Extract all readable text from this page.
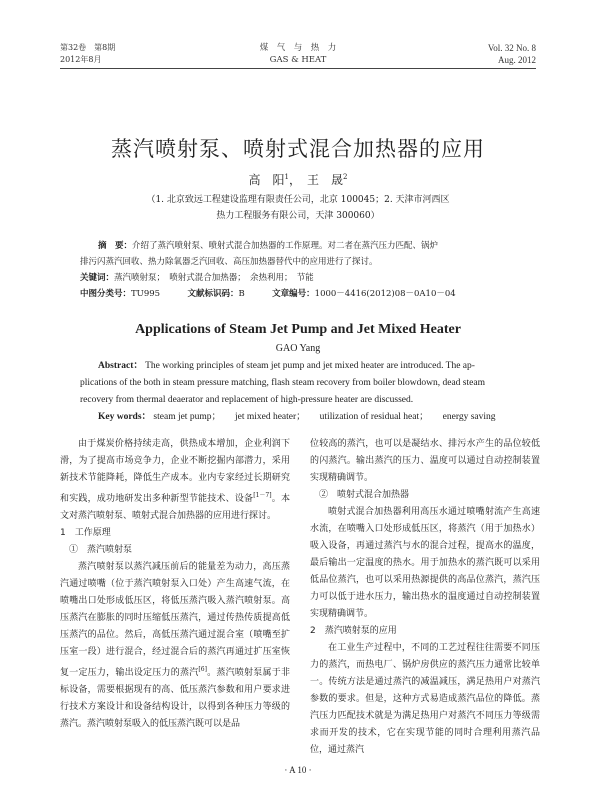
第32卷　第8期
2012年8月
煤　气　与　热　力
GAS & HEAT
Vol. 32 No. 8
Aug. 2012
蒸汽喷射泵、喷射式混合加热器的应用
高　阳$^1$，　王　晟$^2$
（1. 北京致远工程建设监理有限责任公司，北京 100045；2. 天津市河西区
热力工程服务有限公司，天津 300060）
摘　要：介绍了蒸汽喷射泵、喷射式混合加热器的工作原理。对二者在蒸汽压力匹配、锅炉
排污闪蒸汽回收、热力除氧器乏汽回收、高压加热器替代中的应用进行了探讨。
关键词：蒸汽喷射泵；　喷射式混合加热器；　余热利用；　节能
中图分类号：TU995	文献标识码：B	文章编号：1000－4416(2012)08－0A10－04
Applications of Steam Jet Pump and Jet Mixed Heater
GAO Yang
Abstract： The working principles of steam jet pump and jet mixed heater are introduced. The ap-
plications of the both in steam pressure matching, flash steam recovery from boiler blowdown, dead steam
recovery from thermal deaerator and replacement of high-pressure heater are discussed.
Key words： steam jet pump； jet mixed heater； utilization of residual heat； energy saving

由于煤炭价格持续走高，供热成本增加，企业利润下滑，为了提高市场竞争力，企业不断挖掘内部潜力，采用新技术节能降耗，降低生产成本。业内专家经过长期研究和实践，成功地研发出多种新型节能技术、设备[1－7]。本文对蒸汽喷射泵、喷射式混合加热器的应用进行探讨。

1　工作原理

①　蒸汽喷射泵

蒸汽喷射泵以蒸汽减压前后的能量差为动力，高压蒸汽通过喷嘴（位于蒸汽喷射泵入口处）产生高速气流，在喷嘴出口处形成低压区，将低压蒸汽吸入蒸汽喷射泵。高压蒸汽在膨胀的同时压缩低压蒸汽，通过传热传质提高低压蒸汽的品位。然后，高低压蒸汽通过混合室（喷嘴至扩压室一段）进行混合，经过混合后的蒸汽再通过扩压室恢复一定压力，输出设定压力的蒸汽[6]。蒸汽喷射泵属于非标设备，需要根据现有的高、低压蒸汽参数和用户要求进行技术方案设计和设备结构设计，以得到各种压力等级的蒸汽。蒸汽喷射泵吸入的低压蒸汽既可以是品

位较高的蒸汽，也可以是凝结水、排污水产生的品位较低的闪蒸汽。输出蒸汽的压力、温度可以通过自动控制装置实现精确调节。

②　喷射式混合加热器

喷射式混合加热器利用高压水通过喷嘴射流产生高速水流，在喷嘴入口处形成低压区，将蒸汽（用于加热水）吸入设备，再通过蒸汽与水的混合过程，提高水的温度，最后输出一定温度的热水。用于加热水的蒸汽既可以采用低品位蒸汽，也可以采用热源提供的高品位蒸汽，蒸汽压力可以低于进水压力，输出热水的温度通过自动控制装置实现精确调节。

2　蒸汽喷射泵的应用

在工业生产过程中，不同的工艺过程往往需要不同压力的蒸汽，而热电厂、锅炉房供应的蒸汽压力通常比较单一。传统方法是通过蒸汽的减温减压，满足热用户对蒸汽参数的要求。但是，这种方式易造成蒸汽品位的降低。蒸汽压力匹配技术就是为满足热用户对蒸汽不同压力等级需求而开发的技术，它在实现节能的同时合理利用蒸汽品位，通过蒸汽

· A 10 ·
